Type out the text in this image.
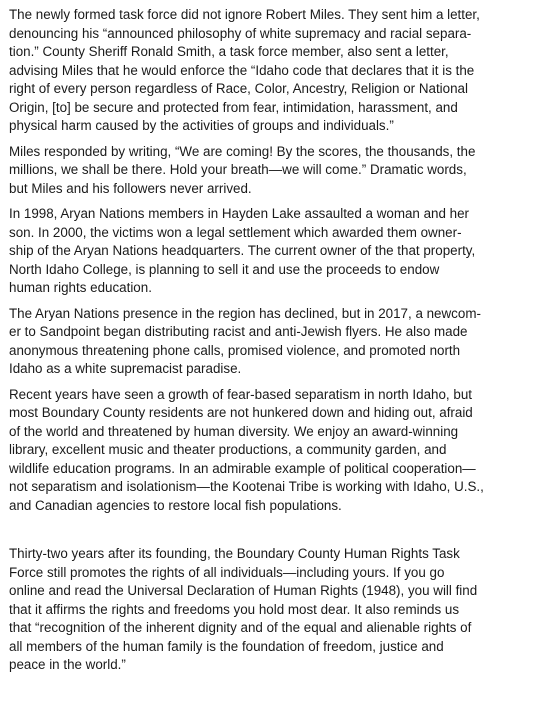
The newly formed task force did not ignore Robert Miles. They sent him a letter,
denouncing his “announced philosophy of white supremacy and racial separa-
tion.” County Sheriff Ronald Smith, a task force member, also sent a letter,
advising Miles that he would enforce the “Idaho code that declares that it is the
right of every person regardless of Race, Color, Ancestry, Religion or National
Origin, [to] be secure and protected from fear, intimidation, harassment, and
physical harm caused by the activities of groups and individuals.”
Miles responded by writing, “We are coming! By the scores, the thousands, the
millions, we shall be there. Hold your breath—we will come.” Dramatic words,
but Miles and his followers never arrived.
In 1998, Aryan Nations members in Hayden Lake assaulted a woman and her
son. In 2000, the victims won a legal settlement which awarded them owner-
ship of the Aryan Nations headquarters. The current owner of the that property,
North Idaho College, is planning to sell it and use the proceeds to endow
human rights education.
The Aryan Nations presence in the region has declined, but in 2017, a newcom-
er to Sandpoint began distributing racist and anti-Jewish flyers. He also made
anonymous threatening phone calls, promised violence, and promoted north
Idaho as a white supremacist paradise.
Recent years have seen a growth of fear-based separatism in north Idaho, but
most Boundary County residents are not hunkered down and hiding out, afraid
of the world and threatened by human diversity. We enjoy an award-winning
library, excellent music and theater productions, a community garden, and
wildlife education programs. In an admirable example of political cooperation—
not separatism and isolationism—the Kootenai Tribe is working with Idaho, U.S.,
and Canadian agencies to restore local fish populations.
Thirty-two years after its founding, the Boundary County Human Rights Task
Force still promotes the rights of all individuals—including yours. If you go
online and read the Universal Declaration of Human Rights (1948), you will find
that it affirms the rights and freedoms you hold most dear. It also reminds us
that “recognition of the inherent dignity and of the equal and alienable rights of
all members of the human family is the foundation of freedom, justice and
peace in the world.”
